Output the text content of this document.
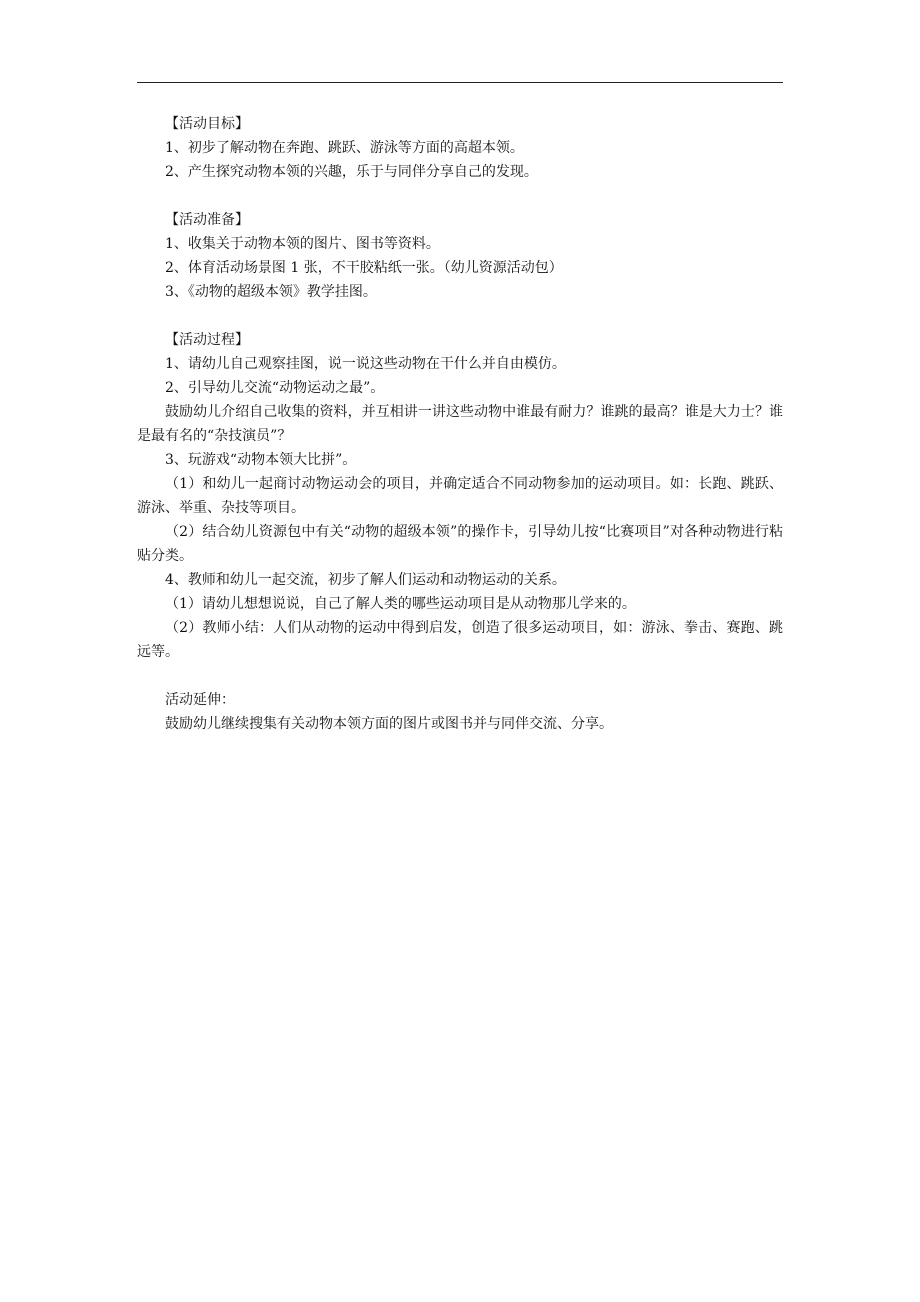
【活动目标】

1、初步了解动物在奔跑、跳跃、游泳等方面的高超本领。

2、产生探究动物本领的兴趣，乐于与同伴分享自己的发现。

【活动准备】

1、收集关于动物本领的图片、图书等资料。

2、体育活动场景图 1 张，不干胶粘纸一张。（幼儿资源活动包）

3、《动物的超级本领》教学挂图。

【活动过程】

1、请幼儿自己观察挂图，说一说这些动物在干什么并自由模仿。

2、引导幼儿交流“动物运动之最”。

鼓励幼儿介绍自己收集的资料，并互相讲一讲这些动物中谁最有耐力？谁跳的最高？谁是大力士？谁是最有名的“杂技演员”？

3、玩游戏“动物本领大比拼”。

（1）和幼儿一起商讨动物运动会的项目，并确定适合不同动物参加的运动项目。如：长跑、跳跃、游泳、举重、杂技等项目。

（2）结合幼儿资源包中有关“动物的超级本领”的操作卡，引导幼儿按“比赛项目”对各种动物进行粘贴分类。

4、教师和幼儿一起交流，初步了解人们运动和动物运动的关系。

（1）请幼儿想想说说，自己了解人类的哪些运动项目是从动物那儿学来的。

（2）教师小结：人们从动物的运动中得到启发，创造了很多运动项目，如：游泳、拳击、赛跑、跳远等。

活动延伸：

鼓励幼儿继续搜集有关动物本领方面的图片或图书并与同伴交流、分享。
